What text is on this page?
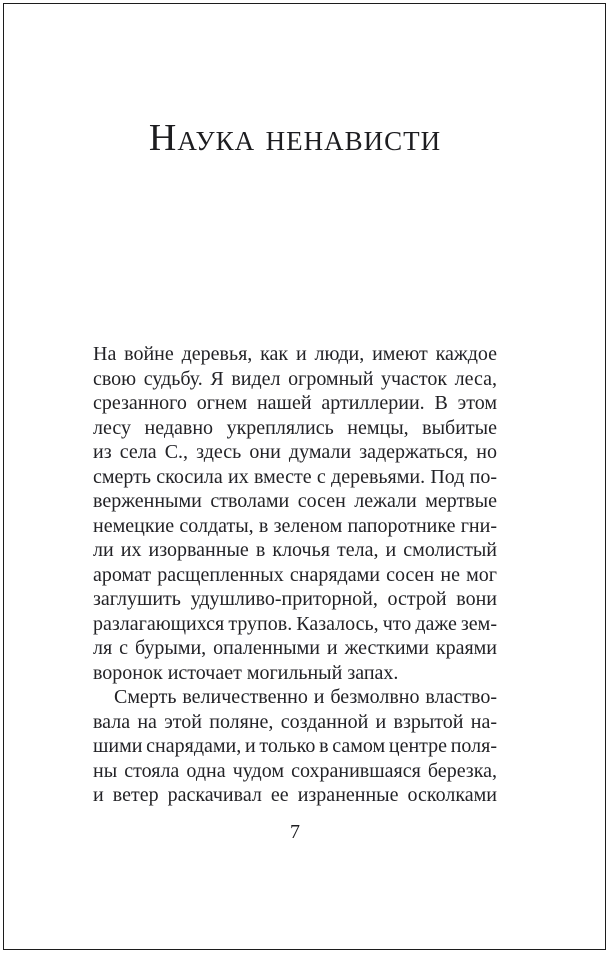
Наука ненависти
На войне деревья, как и люди, имеют каждое
свою судьбу. Я видел огромный участок леса,
срезанного огнем нашей артиллерии. В этом
лесу недавно укреплялись немцы, выбитые
из села С., здесь они думали задержаться, но
смерть скосила их вместе с деревьями. Под по-
верженными стволами сосен лежали мертвые
немецкие солдаты, в зеленом папоротнике гни-
ли их изорванные в клочья тела, и смолистый
аромат расщепленных снарядами сосен не мог
заглушить удушливо-приторной, острой вони
разлагающихся трупов. Казалось, что даже зем-
ля с бурыми, опаленными и жесткими краями
воронок источает могильный запах.
Смерть величественно и безмолвно властво-
вала на этой поляне, созданной и взрытой на-
шими снарядами, и только в самом центре поля-
ны стояла одна чудом сохранившаяся березка,
и ветер раскачивал ее израненные осколками
7
